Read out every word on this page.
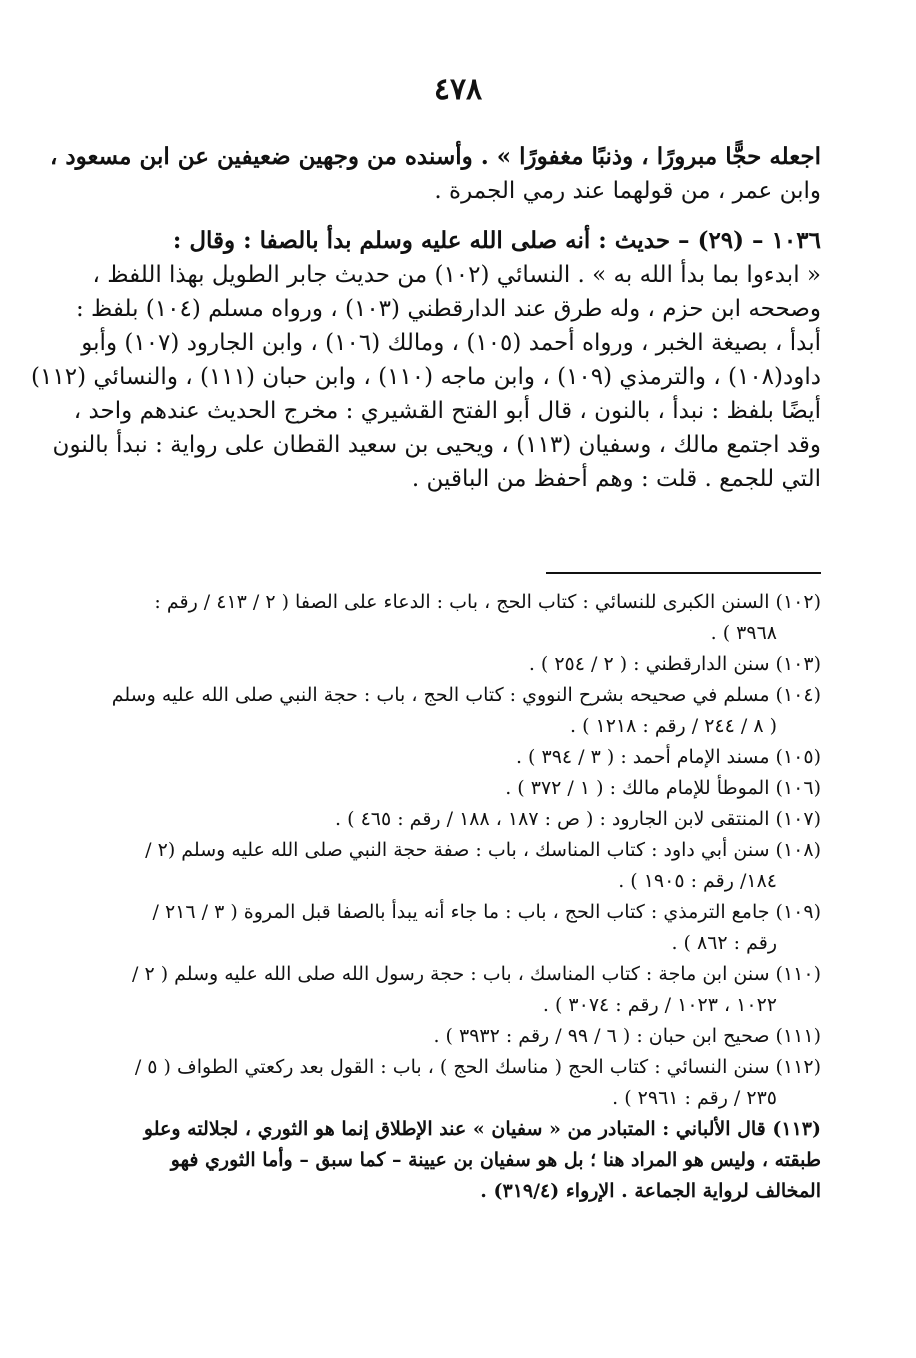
٤٧٨
اجعله حجًّا مبرورًا ، وذنبًا مغفورًا » . وأسنده من وجهين ضعيفين عن ابن مسعود ،
وابن عمر ، من قولهما عند رمي الجمرة .
١٠٣٦ – (٢٩) – حديث : أنه صلى الله عليه وسلم بدأ بالصفا : وقال :
« ابدءوا بما بدأ الله به » . النسائي (١٠٢) من حديث جابر الطويل بهذا اللفظ ،
وصححه ابن حزم ، وله طرق عند الدارقطني (١٠٣) ، ورواه مسلم (١٠٤) بلفظ :
أبدأ ، بصيغة الخبر ، ورواه أحمد (١٠٥) ، ومالك (١٠٦) ، وابن الجارود (١٠٧) وأبو
داود(١٠٨) ، والترمذي (١٠٩) ، وابن ماجه (١١٠) ، وابن حبان (١١١) ، والنسائي (١١٢)
أيضًا بلفظ : نبدأ ، بالنون ، قال أبو الفتح القشيري : مخرج الحديث عندهم واحد ،
وقد اجتمع مالك ، وسفيان (١١٣) ، ويحيى بن سعيد القطان على رواية : نبدأ بالنون
التي للجمع . قلت : وهم أحفظ من الباقين .
(١٠٢) السنن الكبرى للنسائي : كتاب الحج ، باب : الدعاء على الصفا ( ٢ / ٤١٣ / رقم :
٣٩٦٨ ) .
(١٠٣) سنن الدارقطني : ( ٢ / ٢٥٤ ) .
(١٠٤) مسلم في صحيحه بشرح النووي : كتاب الحج ، باب : حجة النبي صلى الله عليه وسلم
( ٨ / ٢٤٤ / رقم : ١٢١٨ ) .
(١٠٥) مسند الإمام أحمد : ( ٣ / ٣٩٤ ) .
(١٠٦) الموطأ للإمام مالك : ( ١ / ٣٧٢ ) .
(١٠٧) المنتقى لابن الجارود : ( ص : ١٨٧ ، ١٨٨ / رقم : ٤٦٥ ) .
(١٠٨) سنن أبي داود : كتاب المناسك ، باب : صفة حجة النبي صلى الله عليه وسلم (٢ /
١٨٤/ رقم : ١٩٠٥ ) .
(١٠٩) جامع الترمذي : كتاب الحج ، باب : ما جاء أنه يبدأ بالصفا قبل المروة ( ٣ / ٢١٦ /
رقم : ٨٦٢ ) .
(١١٠) سنن ابن ماجة : كتاب المناسك ، باب : حجة رسول الله صلى الله عليه وسلم ( ٢ /
١٠٢٢ ، ١٠٢٣ / رقم : ٣٠٧٤ ) .
(١١١) صحيح ابن حبان : ( ٦ / ٩٩ / رقم : ٣٩٣٢ ) .
(١١٢) سنن النسائي : كتاب الحج ( مناسك الحج ) ، باب : القول بعد ركعتي الطواف ( ٥ /
٢٣٥ / رقم : ٢٩٦١ ) .
(١١٣) قال الألباني : المتبادر من « سفيان » عند الإطلاق إنما هو الثوري ، لجلالته وعلو
طبقته ، وليس هو المراد هنا ؛ بل هو سفيان بن عيينة – كما سبق – وأما الثوري فهو
المخالف لرواية الجماعة . الإرواء (٣١٩/٤) .
